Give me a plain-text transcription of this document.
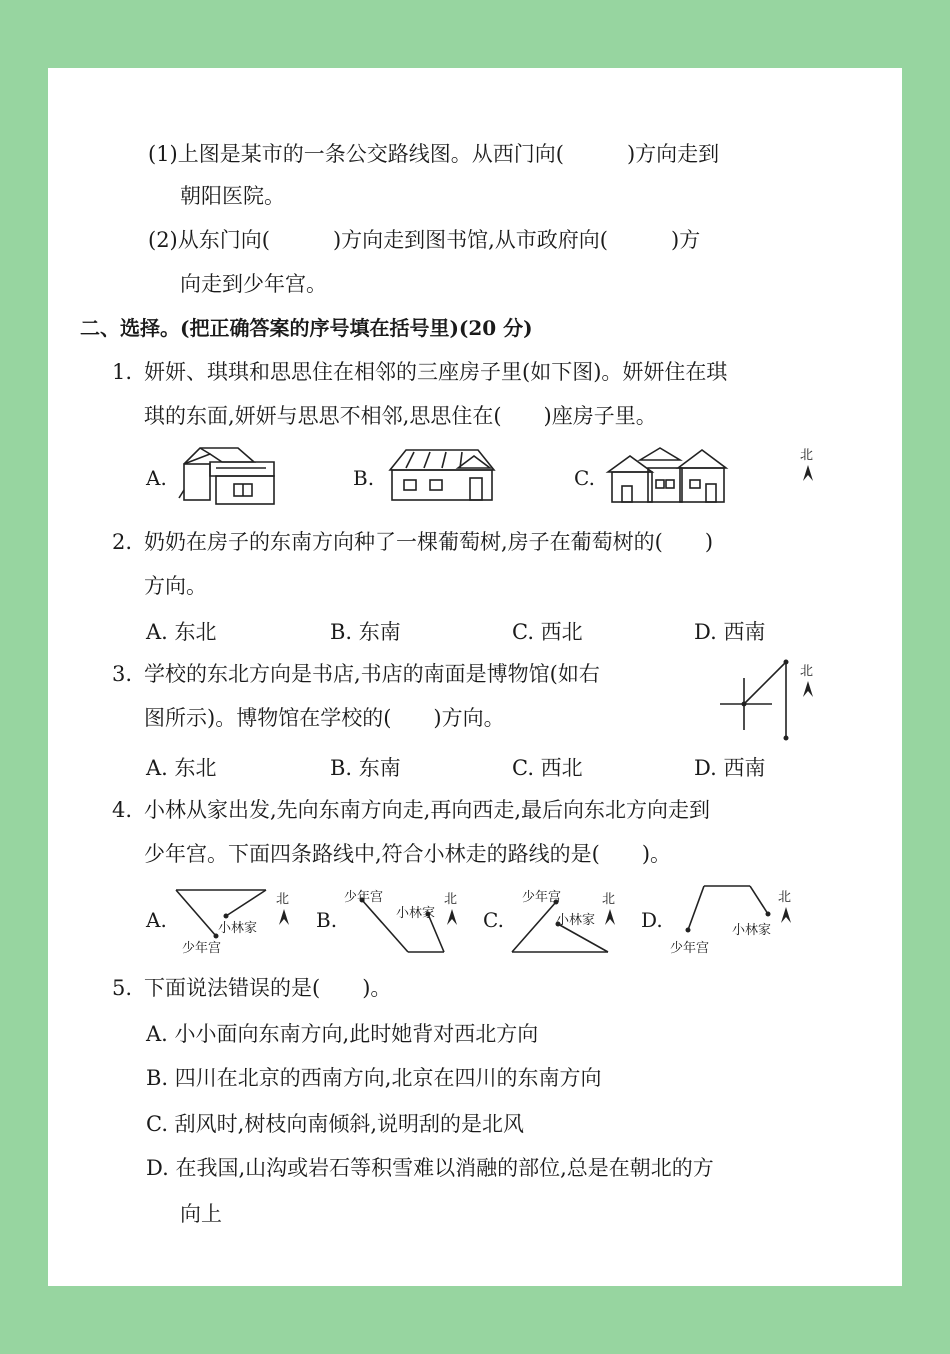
(1)上图是某市的一条公交路线图。从西门向(　　　)方向走到
朝阳医院。
(2)从东门向(　　　)方向走到图书馆,从市政府向(　　　)方
向走到少年宫。
二、选择。(把正确答案的序号填在括号里)(20 分)
1. 妍妍、琪琪和思思住在相邻的三座房子里(如下图)。妍妍住在琪
琪的东面,妍妍与思思不相邻,思思住在(　　)座房子里。
A.	B.	C.
北
2. 奶奶在房子的东南方向种了一棵葡萄树,房子在葡萄树的(　　)
方向。
A. 东北	B. 东南	C. 西北	D. 西南
3. 学校的东北方向是书店,书店的南面是博物馆(如右
图所示)。博物馆在学校的(　　)方向。
北
A. 东北	B. 东南	C. 西北	D. 西南
4. 小林从家出发,先向东南方向走,再向西走,最后向东北方向走到
少年宫。下面四条路线中,符合小林走的路线的是(　　)。
A.	小林家
少年宫
北
B.
少年宫
小林家
北
C.
少年宫
小林家
北
D.
少年宫
小林家
北
5. 下面说法错误的是(　　)。
A. 小小面向东南方向,此时她背对西北方向
B. 四川在北京的西南方向,北京在四川的东南方向
C. 刮风时,树枝向南倾斜,说明刮的是北风
D. 在我国,山沟或岩石等积雪难以消融的部位,总是在朝北的方
向上
